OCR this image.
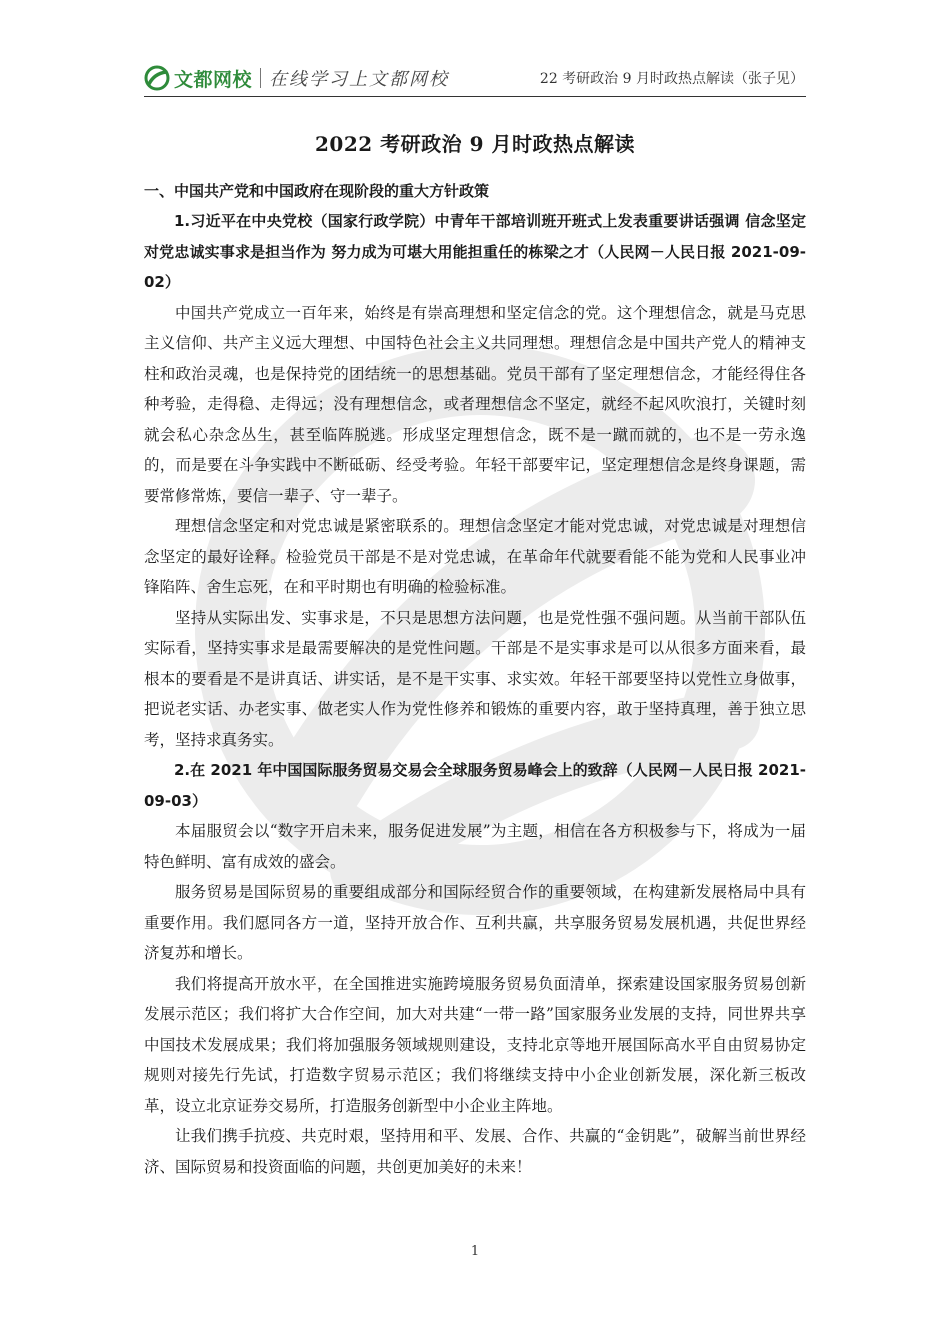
文都网校 在线学习上文都网校	22 考研政治 9 月时政热点解读（张子见）
2022 考研政治 9 月时政热点解读

一、中国共产党和中国政府在现阶段的重大方针政策

1.习近平在中央党校（国家行政学院）中青年干部培训班开班式上发表重要讲话强调 信念坚定对党忠诚实事求是担当作为 努力成为可堪大用能担重任的栋梁之才（人民网－人民日报 2021-09-02）

中国共产党成立一百年来，始终是有崇高理想和坚定信念的党。这个理想信念，就是马克思主义信仰、共产主义远大理想、中国特色社会主义共同理想。理想信念是中国共产党人的精神支柱和政治灵魂，也是保持党的团结统一的思想基础。党员干部有了坚定理想信念，才能经得住各种考验，走得稳、走得远；没有理想信念，或者理想信念不坚定，就经不起风吹浪打，关键时刻就会私心杂念丛生，甚至临阵脱逃。形成坚定理想信念，既不是一蹴而就的，也不是一劳永逸的，而是要在斗争实践中不断砥砺、经受考验。年轻干部要牢记，坚定理想信念是终身课题，需要常修常炼，要信一辈子、守一辈子。

理想信念坚定和对党忠诚是紧密联系的。理想信念坚定才能对党忠诚，对党忠诚是对理想信念坚定的最好诠释。检验党员干部是不是对党忠诚，在革命年代就要看能不能为党和人民事业冲锋陷阵、舍生忘死，在和平时期也有明确的检验标准。

坚持从实际出发、实事求是，不只是思想方法问题，也是党性强不强问题。从当前干部队伍实际看，坚持实事求是最需要解决的是党性问题。干部是不是实事求是可以从很多方面来看，最根本的要看是不是讲真话、讲实话，是不是干实事、求实效。年轻干部要坚持以党性立身做事，把说老实话、办老实事、做老实人作为党性修养和锻炼的重要内容，敢于坚持真理，善于独立思考，坚持求真务实。

2.在 2021 年中国国际服务贸易交易会全球服务贸易峰会上的致辞（人民网－人民日报 2021-09-03）

本届服贸会以“数字开启未来，服务促进发展”为主题，相信在各方积极参与下，将成为一届特色鲜明、富有成效的盛会。

服务贸易是国际贸易的重要组成部分和国际经贸合作的重要领域，在构建新发展格局中具有重要作用。我们愿同各方一道，坚持开放合作、互利共赢，共享服务贸易发展机遇，共促世界经济复苏和增长。

我们将提高开放水平，在全国推进实施跨境服务贸易负面清单，探索建设国家服务贸易创新发展示范区；我们将扩大合作空间，加大对共建“一带一路”国家服务业发展的支持，同世界共享中国技术发展成果；我们将加强服务领域规则建设，支持北京等地开展国际高水平自由贸易协定规则对接先行先试，打造数字贸易示范区；我们将继续支持中小企业创新发展，深化新三板改革，设立北京证券交易所，打造服务创新型中小企业主阵地。

让我们携手抗疫、共克时艰，坚持用和平、发展、合作、共赢的“金钥匙”，破解当前世界经济、国际贸易和投资面临的问题，共创更加美好的未来！

1
